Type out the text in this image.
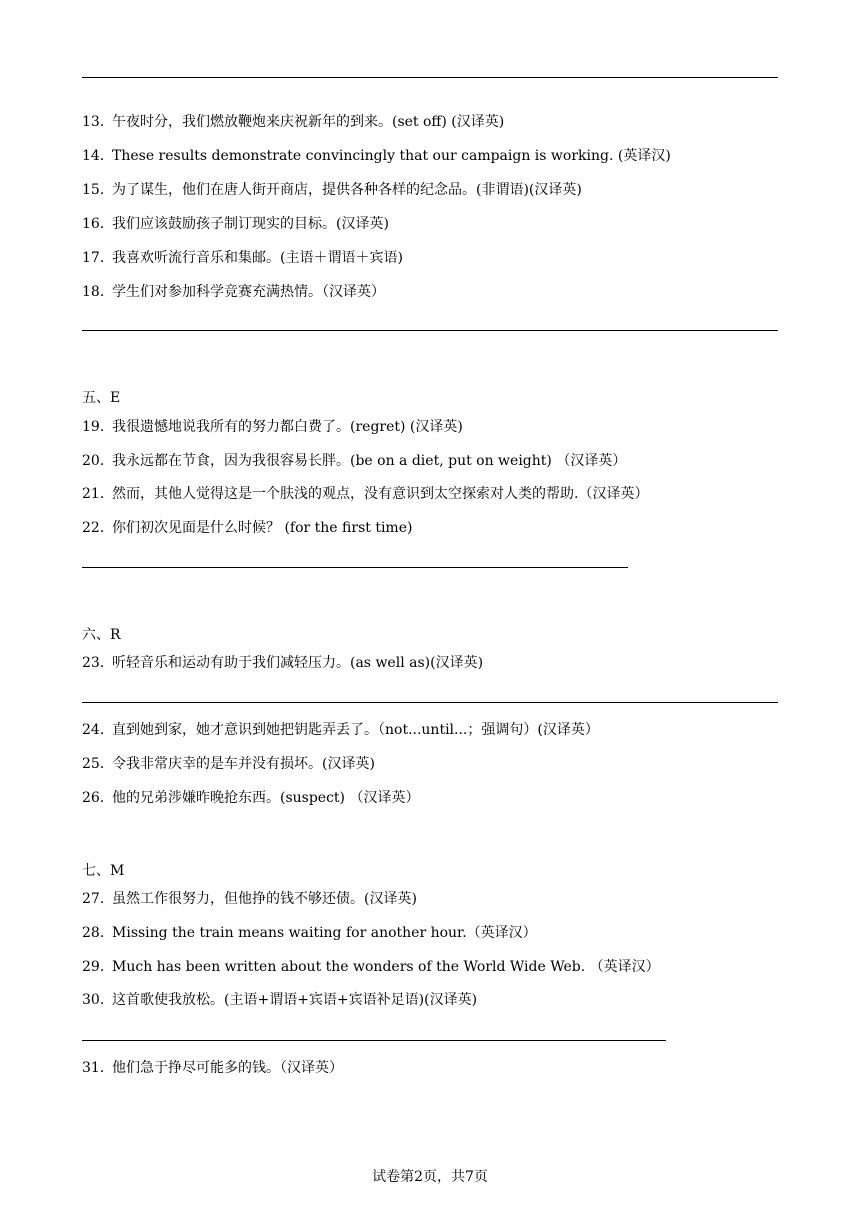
13．午夜时分，我们燃放鞭炮来庆祝新年的到来。(set off) (汉译英)
14．These results demonstrate convincingly that our campaign is working. (英译汉)
15．为了谋生，他们在唐人街开商店，提供各种各样的纪念品。(非谓语)(汉译英)
16．我们应该鼓励孩子制订现实的目标。(汉译英)
17．我喜欢听流行音乐和集邮。(主语＋谓语＋宾语)
18．学生们对参加科学竞赛充满热情。（汉译英）
五、E
19．我很遗憾地说我所有的努力都白费了。(regret) (汉译英)
20．我永远都在节食，因为我很容易长胖。(be on a diet, put on weight) （汉译英）
21．然而，其他人觉得这是一个肤浅的观点，没有意识到太空探索对人类的帮助.（汉译英）
22．你们初次见面是什么时候？ (for the first time)
六、R
23．听轻音乐和运动有助于我们减轻压力。(as well as)(汉译英)
24．直到她到家，她才意识到她把钥匙弄丢了。（not...until...；强调句）(汉译英）
25．令我非常庆幸的是车并没有损坏。(汉译英)
26．他的兄弟涉嫌昨晚抢东西。(suspect) （汉译英）
七、M
27．虽然工作很努力，但他挣的钱不够还债。(汉译英)
28．Missing the train means waiting for another hour.（英译汉）
29．Much has been written about the wonders of the World Wide Web. （英译汉）
30．这首歌使我放松。(主语+谓语+宾语+宾语补足语)(汉译英)
31．他们急于挣尽可能多的钱。（汉译英）
试卷第2页，共7页
